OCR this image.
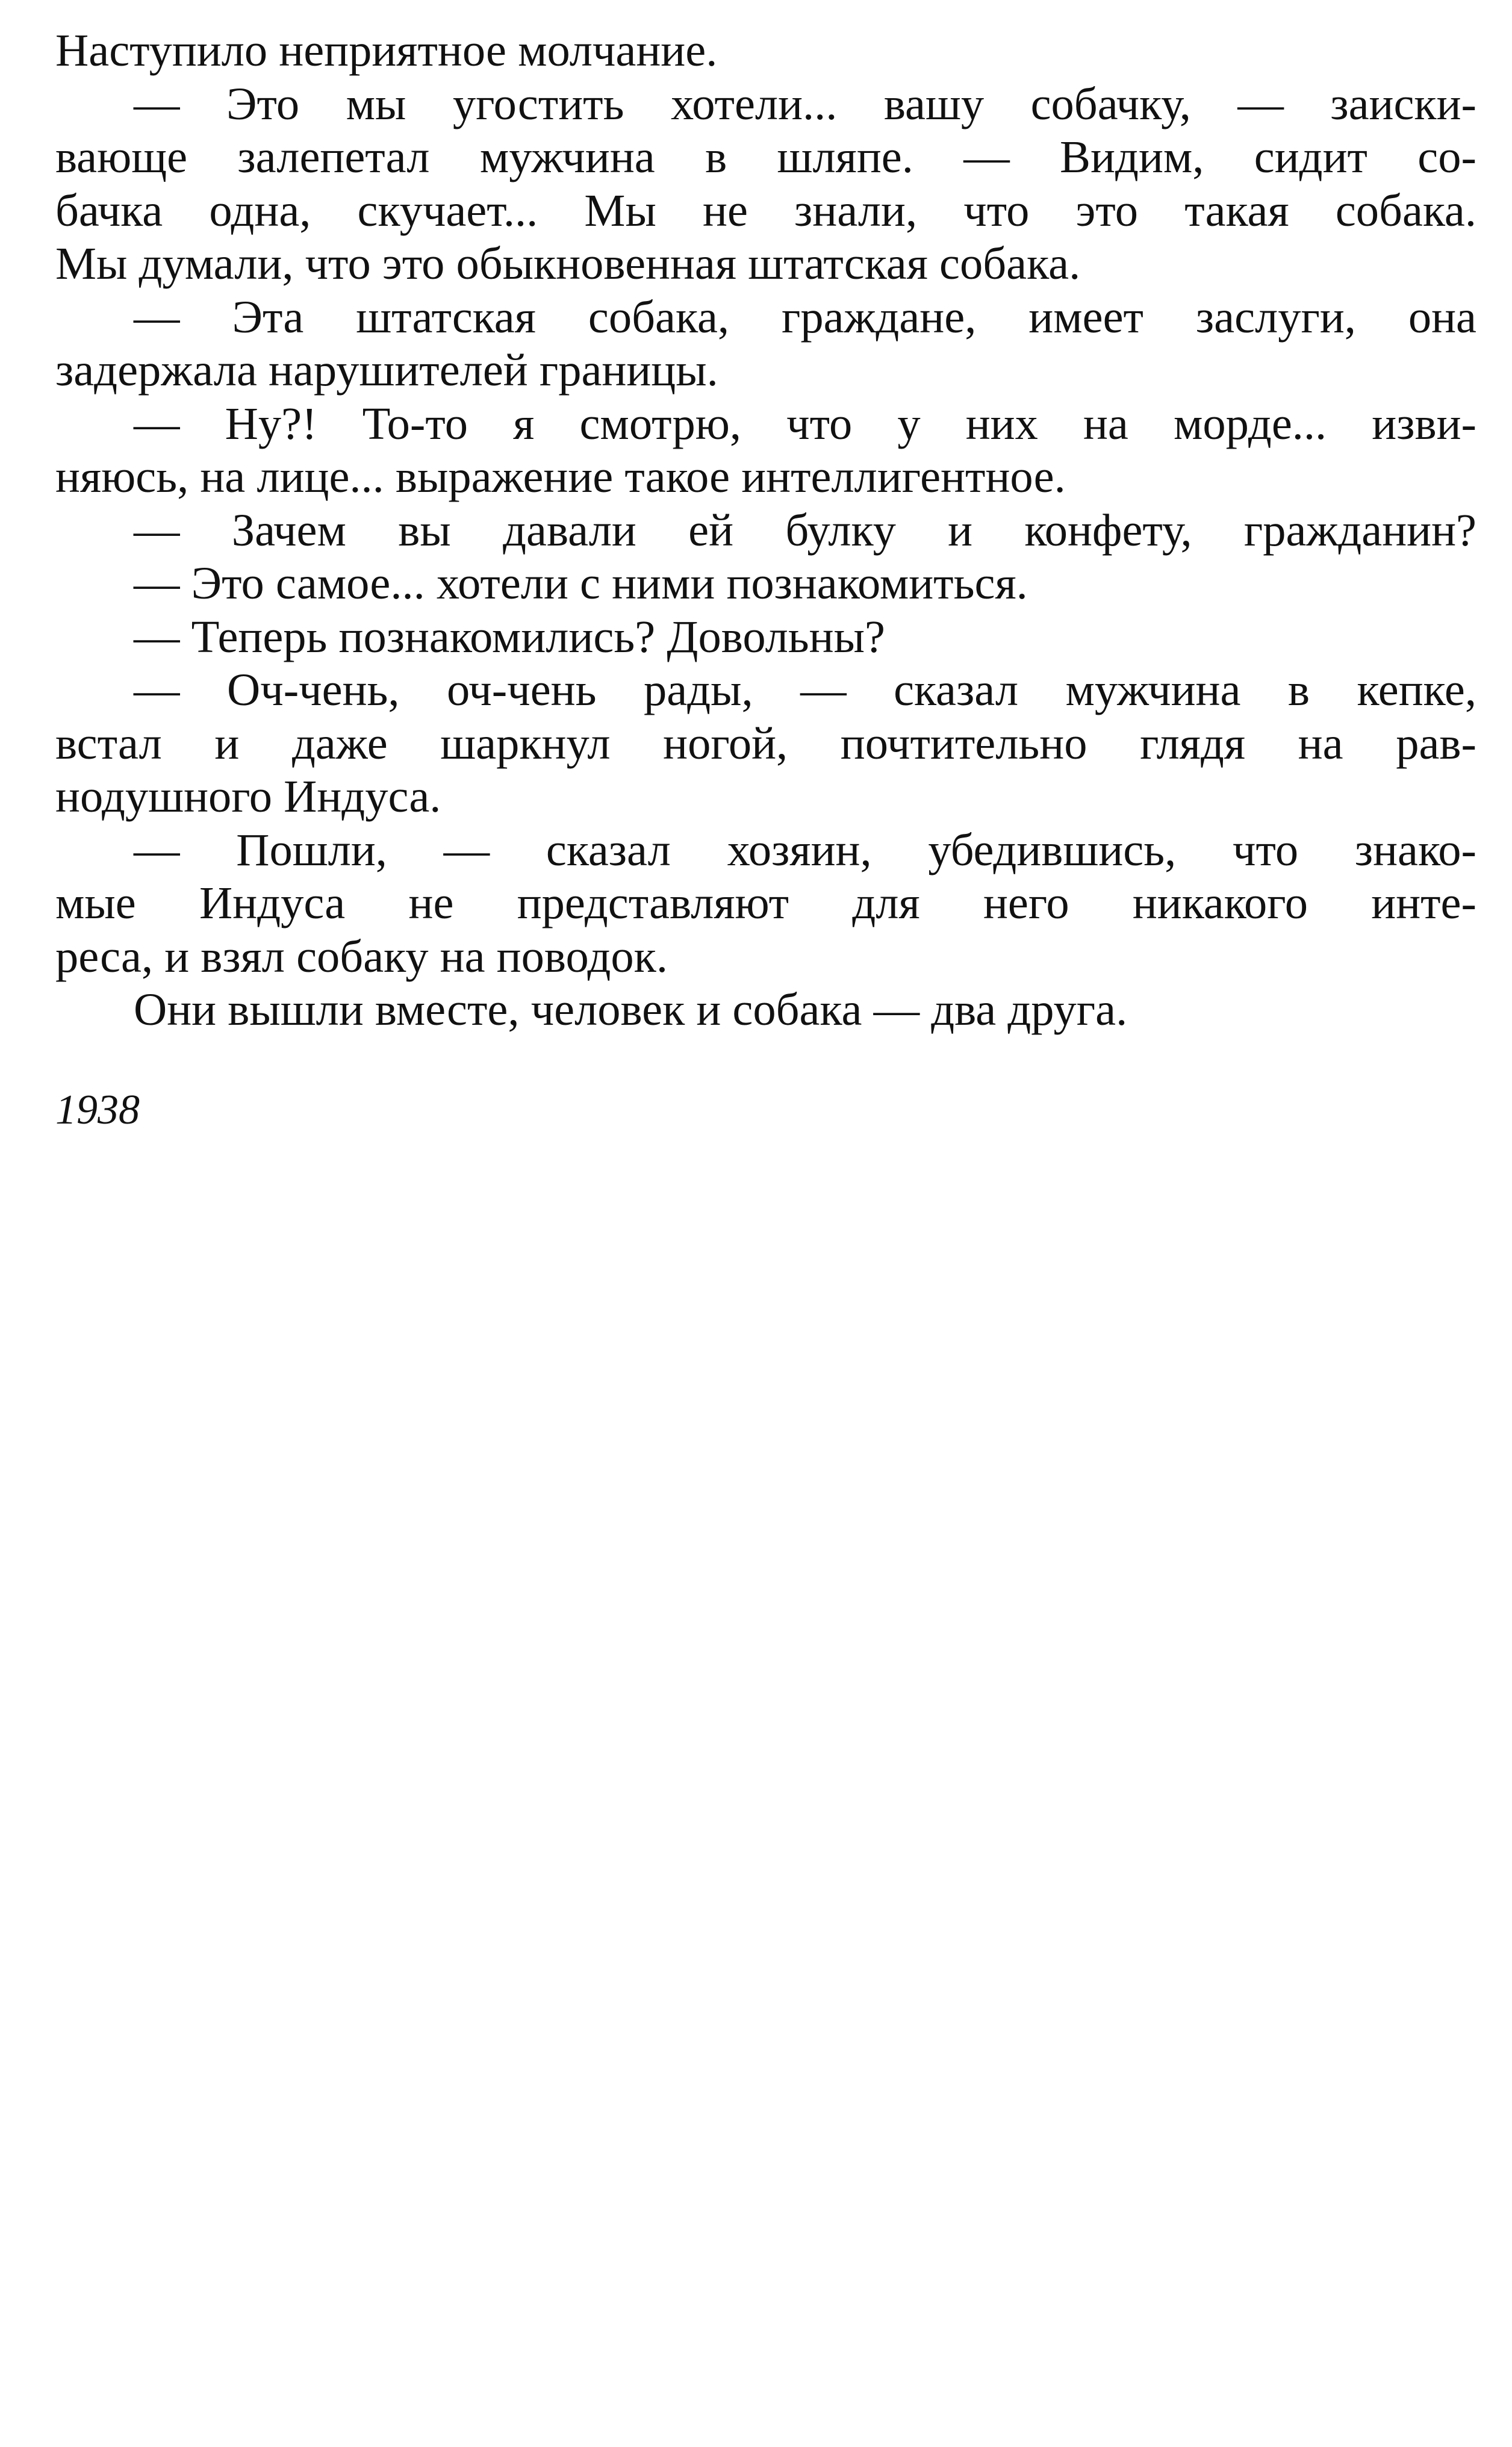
Наступило неприятное молчание.
— Это мы угостить хотели... вашу собачку, — заиски-
вающе залепетал мужчина в шляпе. — Видим, сидит со-
бачка одна, скучает... Мы не знали, что это такая собака.
Мы думали, что это обыкновенная штатская собака.
— Эта штатская собака, граждане, имеет заслуги, она
задержала нарушителей границы.
— Ну?! То-то я смотрю, что у них на морде... изви-
няюсь, на лице... выражение такое интеллигентное.
— Зачем вы давали ей булку и конфету, гражданин?
— Это самое... хотели с ними познакомиться.
— Теперь познакомились? Довольны?
— Оч-чень, оч-чень рады, — сказал мужчина в кепке,
встал и даже шаркнул ногой, почтительно глядя на рав-
нодушного Индуса.
— Пошли, — сказал хозяин, убедившись, что знако-
мые Индуса не представляют для него никакого инте-
реса, и взял собаку на поводок.
Они вышли вместе, человек и собака — два друга.
1938
